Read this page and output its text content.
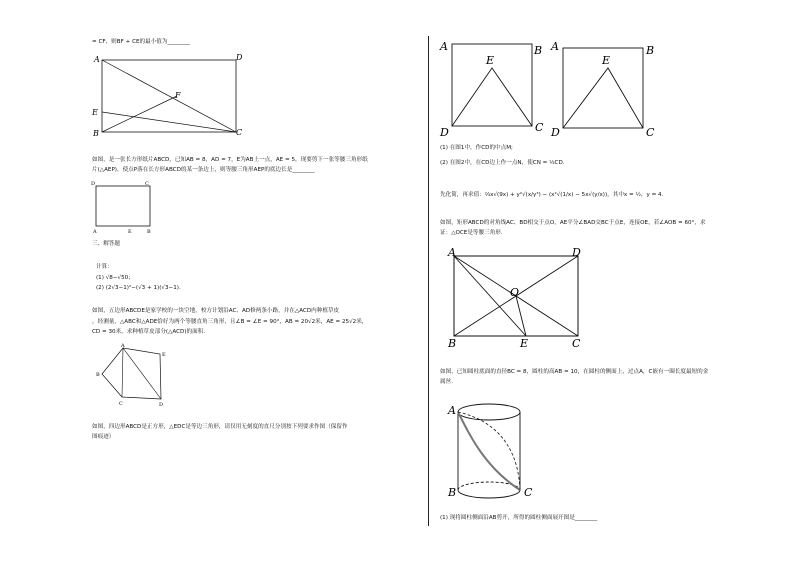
= CF，则BF + CE的最小值为________
A	D
E
F
B	C
如图，是一张长方形纸片ABCD，已知AB = 8，AD = 7，E为AB上一点，AE = 5，现要剪下一张等腰三角形纸
片(△AEP)，使点P落在长方形ABCD的某一条边上，则等腰三角形AEP的底边长是________
D	C
A	E	B
三、解答题
计算：
(1) √8−√50；
(2) (2√3−1)²−(√3 + 1)(√3−1).
如图，五边形ABCDE是家学校的一块空地，校方计划沿AC、AD修两条小路，并在△ACD内种植草皮
，经测量，△ABC和△ADE恰好为两个等腰直角三角形，且∠B = ∠E = 90°，AB = 20√2米，AE = 25√2米，
CD = 30米，求种植草皮部分(△ACD)的面积.
A
E
B
C	D
如图，四边形ABCD是正方形，△EDC是等边三角形，请仅用无刻度的直尺分别按下列要求作图（保留作
图痕迹）
A	B
E
D	C
A	B
E
D	C
(1) 在图1中，作CD的中点M;
(2) 在图2中，在CD边上作一点N，使CN = ⅓CD.
先化简，再求值：⅔x√(9x) + y²√(x/y³) − (x²√(1/x) − 5x√(y/x))，其中x = ½，y = 4.
如图，矩形ABCD的对角线AC、BD相交于点O，AE平分∠BAD交BC于点E，连接OE，若∠AOB = 60°，求
证：△OCE是等腰三角形.
A	D
O
B	E	C
如图，已知圆柱底面的直径BC = 8，圆柱的高AB = 10，在圆柱的侧面上，过点A，C嵌有一圈长度最短的金
属丝.
A
B	C
(1) 现将圆柱侧面沿AB剪开，所得的圆柱侧面展开图是________
